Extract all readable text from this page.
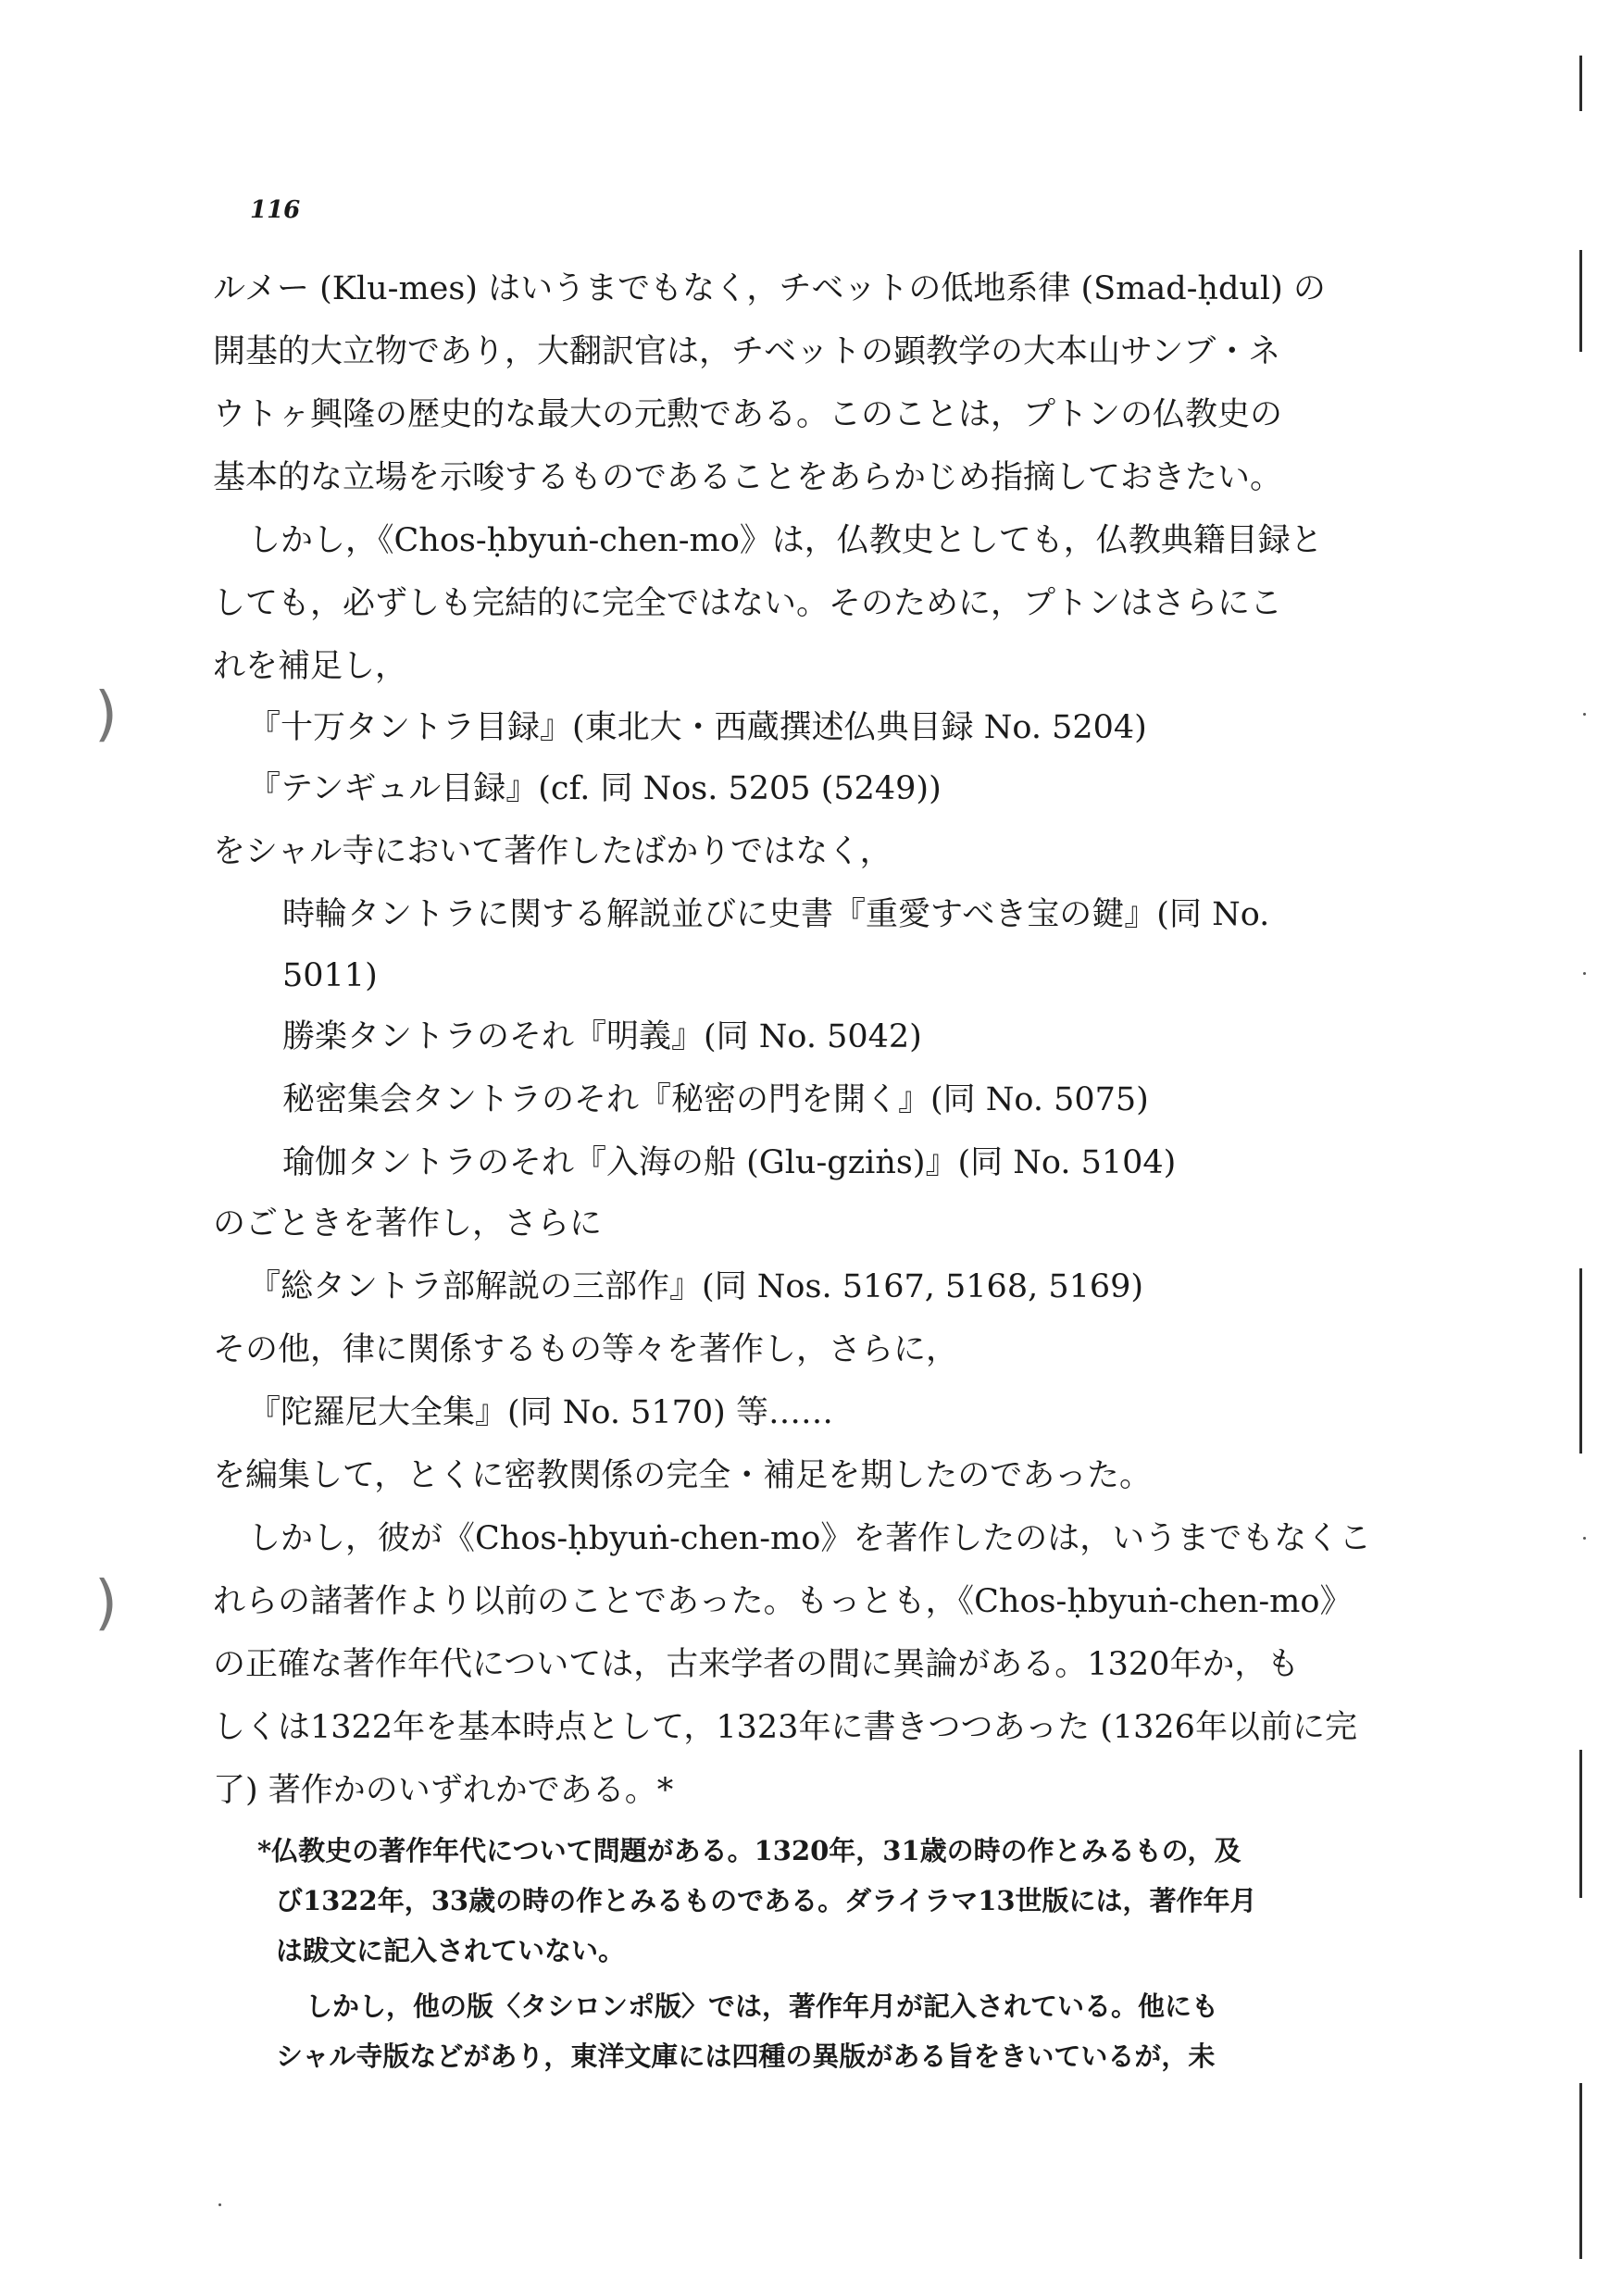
116
ルメー (Klu-mes) はいうまでもなく，チベットの低地系律 (Smad-ḥdul) の
開基的大立物であり，大翻訳官は，チベットの顕教学の大本山サンブ・ネ
ウトヶ興隆の歴史的な最大の元勲である。このことは，プトンの仏教史の
基本的な立場を示唆するものであることをあらかじめ指摘しておきたい。
しかし，《Chos-ḥbyuṅ-chen-mo》は，仏教史としても，仏教典籍目録と
しても，必ずしも完結的に完全ではない。そのために，プトンはさらにこ
れを補足し，
『十万タントラ目録』(東北大・西蔵撰述仏典目録 No. 5204)
『テンギュル目録』(cf. 同 Nos. 5205 (5249))
をシャル寺において著作したばかりではなく，
時輪タントラに関する解説並びに史書『重愛すべき宝の鍵』(同 No.
5011)
勝楽タントラのそれ『明義』(同 No. 5042)
秘密集会タントラのそれ『秘密の門を開く』(同 No. 5075)
瑜伽タントラのそれ『入海の船 (Glu-gziṅs)』(同 No. 5104)
のごときを著作し，さらに
『総タントラ部解説の三部作』(同 Nos. 5167, 5168, 5169)
その他，律に関係するもの等々を著作し，さらに，
『陀羅尼大全集』(同 No. 5170) 等……
を編集して，とくに密教関係の完全・補足を期したのであった。
しかし，彼が《Chos-ḥbyuṅ-chen-mo》を著作したのは，いうまでもなくこ
れらの諸著作より以前のことであった。もっとも，《Chos-ḥbyuṅ-chen-mo》
の正確な著作年代については，古来学者の間に異論がある。1320年か，も
しくは1322年を基本時点として，1323年に書きつつあった (1326年以前に完
了) 著作かのいずれかである。*
*仏教史の著作年代について問題がある。1320年，31歳の時の作とみるもの，及
び1322年，33歳の時の作とみるものである。ダライラマ13世版には，著作年月
は跋文に記入されていない。
しかし，他の版〈タシロンポ版〉では，著作年月が記入されている。他にも
シャル寺版などがあり，東洋文庫には四種の異版がある旨をきいているが，未
)
)
